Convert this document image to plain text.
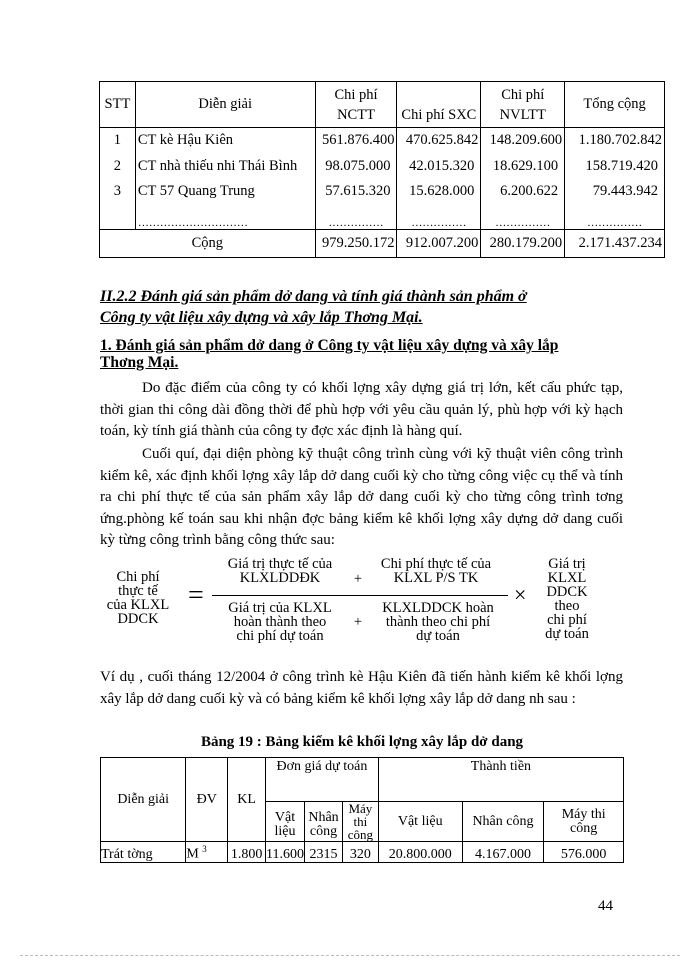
STT	Diễn giải	Chi phí NCTT	Chi phí SXC	Chi phí NVLTT	Tổng cộng
1	CT kè Hậu Kiên	561.876.400	470.625.842	148.209.600	1.180.702.842
2	CT nhà thiếu nhi Thái Bình	98.075.000	42.015.320	18.629.100	158.719.420
3	CT 57 Quang Trung	57.615.320	15.628.000	6.200.622	79.443.942
	…………………………	……………	……………	……………	……………
Cộng		979.250.172	912.007.200	280.179.200	2.171.437.234
II.2.2 Đánh giá sản phẩm dở dang và tính giá thành sản phẩm ở
Công ty vật liệu xây dựng và xây lắp Thơng Mại.
1. Đánh giá sản phẩm dở dang ở Công ty vật liệu xây dựng và xây lắp
Thơng Mại.
Do đặc điểm của công ty có khối lợng xây dựng giá trị lớn, kết cấu phức tạp, thời gian thi công dài đồng thời để phù hợp với yêu cầu quản lý, phù hợp với kỳ hạch toán, kỳ tính giá thành của công ty đợc xác định là hàng quí.
Cuối quí, đại diện phòng kỹ thuật công trình cùng với kỹ thuật viên công trình kiểm kê, xác định khối lợng xây lắp dở dang cuối kỳ cho từng công việc cụ thể và tính ra chi phí thực tế của sản phẩm xây lắp dở dang cuối kỳ cho từng công trình tơng ứng.phòng kế toán sau khi nhận đợc bảng kiểm kê khối lợng xây dựng dở dang cuối kỳ từng công trình bằng công thức sau:
Chi phí
thực tế
của KLXL
DDCK
=
Giá trị thực tế của
KLXLDDĐK	+
Chi phí thực tế của
KLXL P/S TK
Giá trị của KLXL
hoàn thành theo
chi phí dự toán
+
KLXLDDCK hoàn
thành theo chi phí
dự toán
×
Giá trị
KLXL
DDCK
theo
chi phí
dự toán
Ví dụ , cuối tháng 12/2004 ở công trình kè Hậu Kiên đã tiến hành kiểm kê khối lợng xây lắp dở dang cuối kỳ và có bảng kiểm kê khối lợng xây lắp dở dang nh sau :
Bảng 19 : Bảng kiểm kê khối lợng xây lắp dở dang
Diễn giải	ĐV	KL	Đơn giá dự toán			Thành tiền		
			Vật liệu	Nhân công	Máy thi công	Vật liệu	Nhân công	Máy thi công
Trát tờng	M $^3$	1.800	11.600	2315	320	20.800.000	4.167.000	576.000
44
